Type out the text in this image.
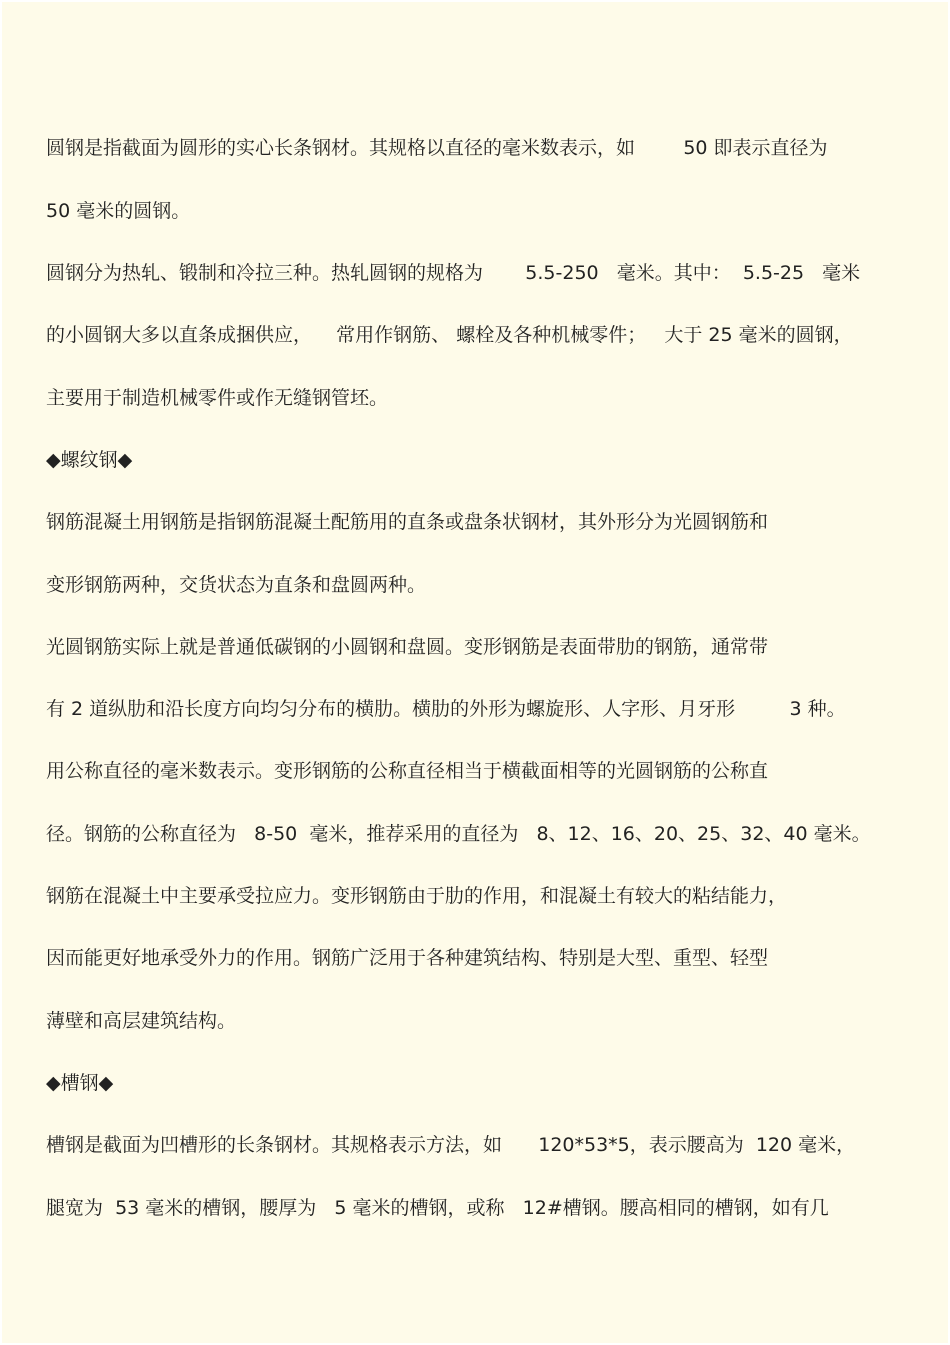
圆钢是指截面为圆形的实心长条钢材。其规格以直径的毫米数表示，如        50 即表示直径为
50 毫米的圆钢。
圆钢分为热轧、锻制和冷拉三种。热轧圆钢的规格为       5.5-250   毫米。其中：  5.5-25   毫米
的小圆钢大多以直条成捆供应，    常用作钢筋、 螺栓及各种机械零件；   大于 25 毫米的圆钢，
主要用于制造机械零件或作无缝钢管坯。
◆螺纹钢◆
钢筋混凝土用钢筋是指钢筋混凝土配筋用的直条或盘条状钢材，其外形分为光圆钢筋和
变形钢筋两种，交货状态为直条和盘圆两种。
光圆钢筋实际上就是普通低碳钢的小圆钢和盘圆。变形钢筋是表面带肋的钢筋，通常带
有 2 道纵肋和沿长度方向均匀分布的横肋。横肋的外形为螺旋形、人字形、月牙形         3 种。
用公称直径的毫米数表示。变形钢筋的公称直径相当于横截面相等的光圆钢筋的公称直
径。钢筋的公称直径为   8-50  毫米，推荐采用的直径为   8、12、16、20、25、32、40 毫米。
钢筋在混凝土中主要承受拉应力。变形钢筋由于肋的作用，和混凝土有较大的粘结能力，
因而能更好地承受外力的作用。钢筋广泛用于各种建筑结构、特别是大型、重型、轻型
薄壁和高层建筑结构。
◆槽钢◆
槽钢是截面为凹槽形的长条钢材。其规格表示方法，如      120*53*5，表示腰高为  120 毫米，
腿宽为  53 毫米的槽钢，腰厚为   5 毫米的槽钢，或称   12#槽钢。腰高相同的槽钢，如有几
